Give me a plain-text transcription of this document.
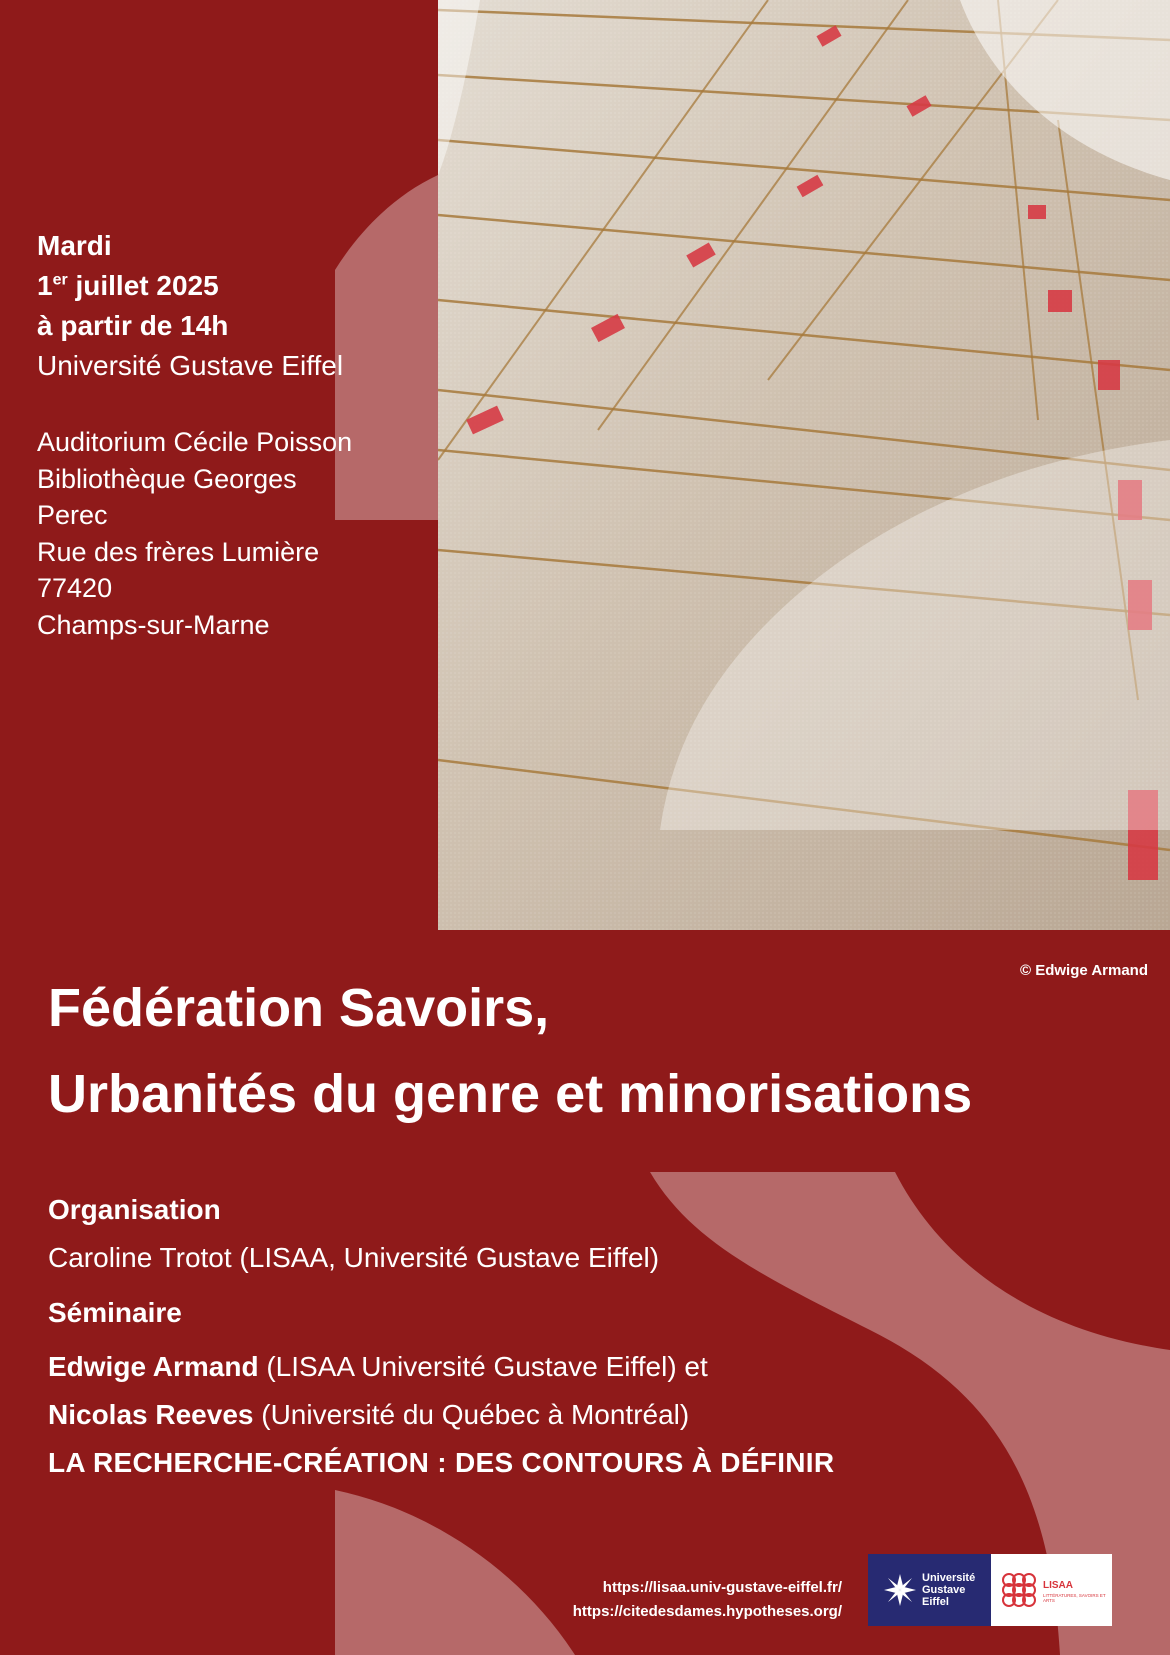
Mardi
1er juillet 2025
à partir de 14h
Université Gustave Eiffel
Auditorium Cécile Poisson
Bibliothèque Georges
Perec
Rue des frères Lumière
77420
Champs-sur-Marne
© Edwige Armand
Fédération Savoirs,
Urbanités du genre et minorisations
Organisation
Caroline Trotot (LISAA, Université Gustave Eiffel)
Séminaire
Edwige Armand (LISAA Université Gustave Eiffel) et
Nicolas Reeves (Université du Québec à Montréal)
LA RECHERCHE-CRÉATION : DES CONTOURS À DÉFINIR
https://lisaa.univ-gustave-eiffel.fr/
https://citedesdames.hypotheses.org/
Université
Gustave
Eiffel
LISAA
LITTÉRATURES, SAVOIRS ET ARTS
